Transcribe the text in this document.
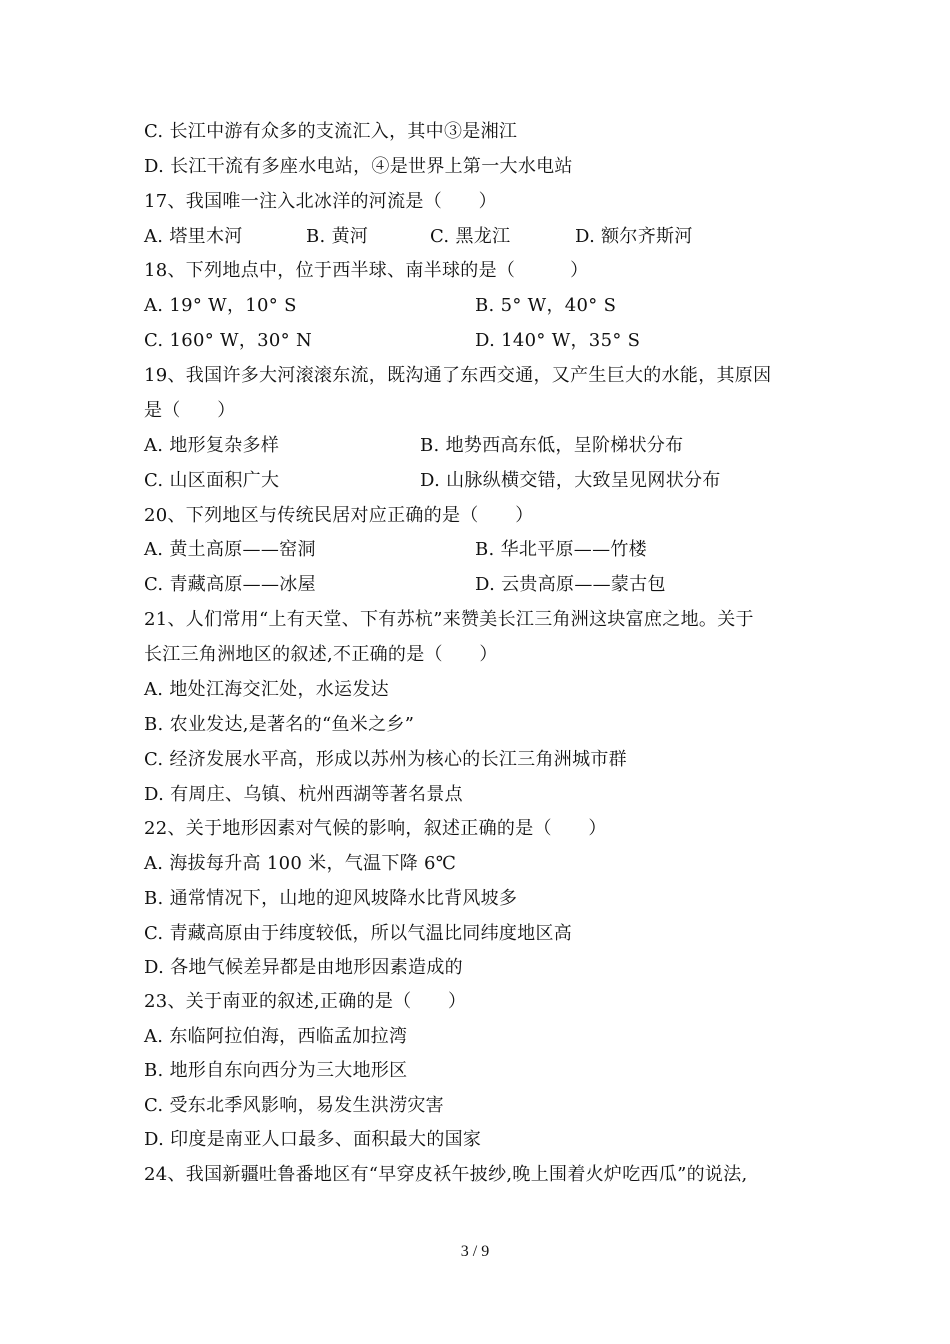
C. 长江中游有众多的支流汇入，其中③是湘江
D. 长江干流有多座水电站，④是世界上第一大水电站
17、我国唯一注入北冰洋的河流是（　　）
A. 塔里木河	B. 黄河	C. 黑龙江	D. 额尔齐斯河
18、下列地点中，位于西半球、南半球的是（　　　）
A. 19° W，10° S	B. 5° W，40° S
C. 160° W，30° N	D. 140° W，35° S
19、我国许多大河滚滚东流，既沟通了东西交通，又产生巨大的水能，其原因
是（　　）
A. 地形复杂多样	B. 地势西高东低，呈阶梯状分布
C. 山区面积广大	D. 山脉纵横交错，大致呈见网状分布
20、下列地区与传统民居对应正确的是（　　）
A. 黄土高原——窑洞	B. 华北平原——竹楼
C. 青藏高原——冰屋	D. 云贵高原——蒙古包
21、人们常用“上有天堂、下有苏杭”来赞美长江三角洲这块富庶之地。关于
长江三角洲地区的叙述,不正确的是（　　）
A. 地处江海交汇处，水运发达
B. 农业发达,是著名的“鱼米之乡”
C. 经济发展水平高，形成以苏州为核心的长江三角洲城市群
D. 有周庄、乌镇、杭州西湖等著名景点
22、关于地形因素对气候的影响，叙述正确的是（　　）
A. 海拔每升高 100 米，气温下降 6℃
B. 通常情况下，山地的迎风坡降水比背风坡多
C. 青藏高原由于纬度较低，所以气温比同纬度地区高
D. 各地气候差异都是由地形因素造成的
23、关于南亚的叙述,正确的是（　　）
A. 东临阿拉伯海，西临孟加拉湾
B. 地形自东向西分为三大地形区
C. 受东北季风影响，易发生洪涝灾害
D. 印度是南亚人口最多、面积最大的国家
24、我国新疆吐鲁番地区有“早穿皮袄午披纱,晚上围着火炉吃西瓜”的说法,
3 / 9
